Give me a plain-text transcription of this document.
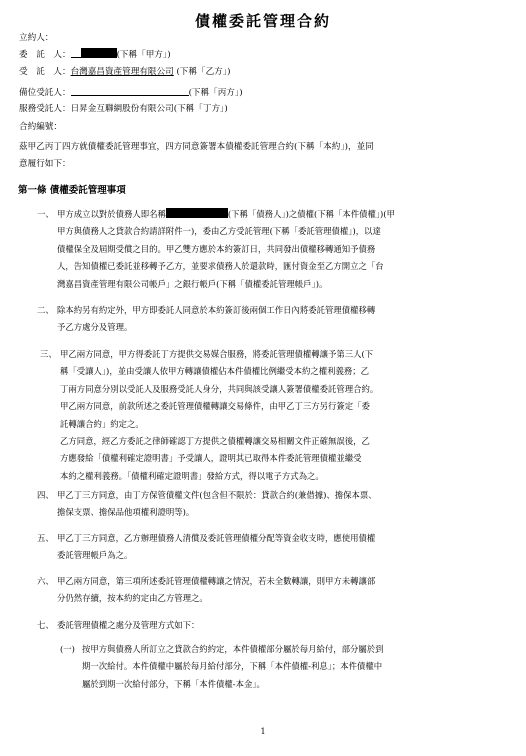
債權委託管理合約
立約人：
委　託　人：	(下稱「甲方」)
受　託　人：台灣嘉昌資產管理有限公司 (下稱「乙方」)
備位受託人：	(下稱「丙方」)
服務受託人：日昇金互聯網股份有限公司(下稱「丁方」)
合約編號：
茲甲乙丙丁四方就債權委託管理事宜，四方同意簽署本債權委託管理合約(下稱「本約」)，並同
意履行如下：
第一條 債權委託管理事項
一、 甲方成立以對於債務人即名稱	(下稱「債務人」)之債權(下稱「本件債權」)(甲
甲方與債務人之貸款合約請詳附件一)，委由乙方受託管理(下稱「委託管理債權」)，以達
債權保全及屆期受償之目的。甲乙雙方應於本約簽訂日，共同發出債權移轉通知予債務
人，告知債權已委託並移轉予乙方，並要求債務人於還款時，匯付資金至乙方開立之「台
灣嘉昌資產管理有限公司帳戶」之銀行帳戶(下稱「債權委託管理帳戶」)。
二、 除本約另有約定外，甲方即委託人同意於本約簽訂後兩個工作日內將委託管理債權移轉
予乙方處分及管理。
三、 甲乙兩方同意，甲方得委託丁方提供交易媒合服務，將委託管理債權轉讓予第三人(下
稱「受讓人」)，並由受讓人依甲方轉讓債權佔本件債權比例繼受本約之權利義務；乙
丁兩方同意分別以受託人及服務受託人身分，共同與該受讓人簽署債權委託管理合約。
甲乙兩方同意，前款所述之委託管理債權轉讓交易條件，由甲乙丁三方另行簽定「委
託轉讓合約」約定之。
乙方同意，經乙方委託之律師確認丁方提供之債權轉讓交易相關文件正確無誤後，乙
方應發給「債權利確定證明書」予受讓人，證明其已取得本件委託管理債權並繼受
本約之權利義務。「債權利確定證明書」發給方式，得以電子方式為之。
四、 甲乙丁三方同意，由丁方保管債權文件(包含但不限於：貸款合約(兼借據)、擔保本票、
擔保支票、擔保品他項權利證明等)。
五、 甲乙丁三方同意，乙方辦理債務人清償及委託管理債權分配等資金收支時，應使用債權
委託管理帳戶為之。
六、 甲乙兩方同意，第三項所述委託管理債權轉讓之情況，若未全數轉讓，則甲方未轉讓部
分仍然存續，按本約約定由乙方管理之。
七、 委託管理債權之處分及管理方式如下：
(一) 按甲方與債務人所訂立之貸款合約約定，本件債權部分屬於每月給付，部分屬於到
期一次給付。本件債權中屬於每月給付部分，下稱「本件債權-利息」；本件債權中
屬於到期一次給付部分，下稱「本件債權-本金」。
1
